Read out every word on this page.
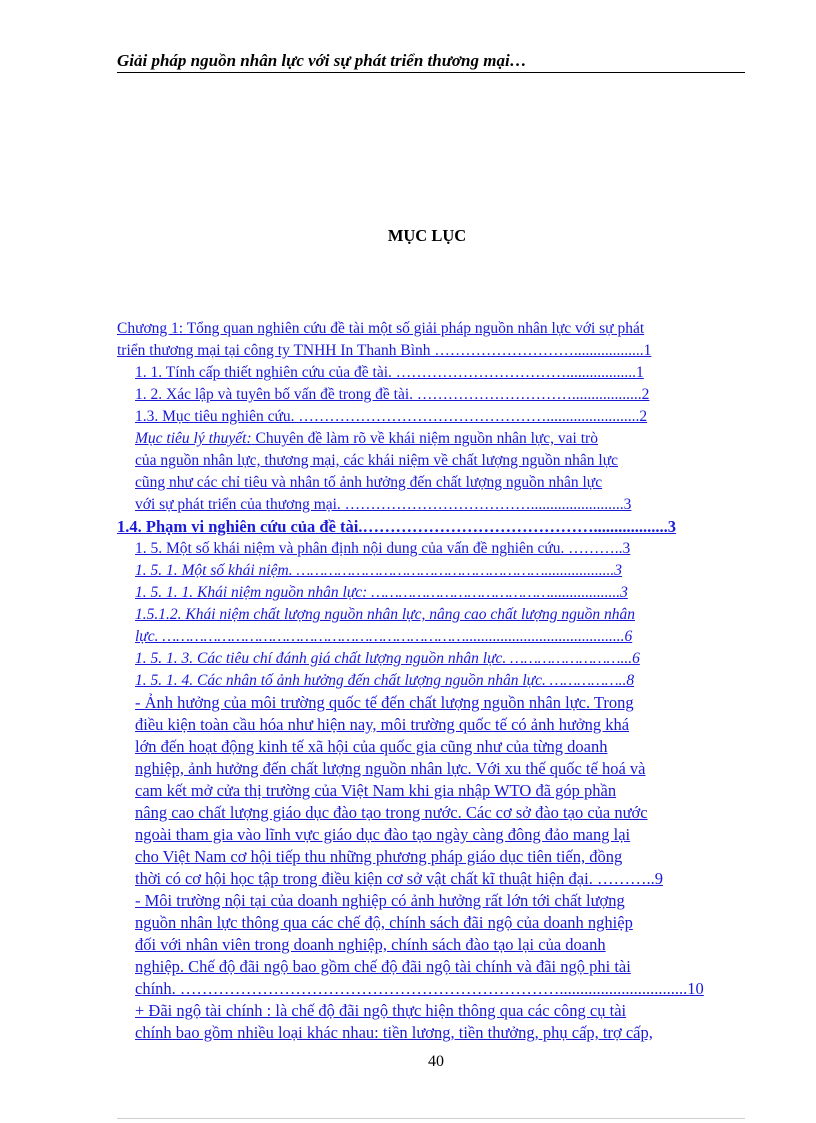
Giải pháp nguồn nhân lực với sự phát triển thương mại…
MỤC LỤC
Chương 1: Tổng quan nghiên cứu đề tài một số giải pháp nguồn nhân lực với sự phát
triển thương mại tại công ty TNHH In Thanh Bình ………………………..................1
1. 1. Tính cấp thiết nghiên cứu của đề tài. ……………………………..................1
1. 2. Xác lập và tuyên bố vấn đề trong đề tài. …………………………..................2
1.3. Mục tiêu nghiên cứu. …………………………………………........................2
Mục tiêu lý thuyết: Chuyên đề làm rõ về khái niệm nguồn nhân lực, vai trò
của nguồn nhân lực, thương mại, các khái niệm về chất lượng nguồn nhân lực
cũng như các chỉ tiêu và nhân tố ảnh hưởng đến chất lượng nguồn nhân lực
với sự phát triển của thương mại. ………………………………........................3
1.4. Phạm vi nghiên cứu của đề tài.……………………………………..................3
1. 5. Một số khái niệm và phân định nội dung của vấn đề nghiên cứu. ………..3
1. 5. 1. Một số khái niệm. ………………………………………………..................3
1. 5. 1. 1. Khái niệm nguồn nhân lực: …………………………………..................3
1.5.1.2. Khái niệm chất lượng nguồn nhân lực, nâng cao chất lượng nguồn nhân
lực. ………………………………………………………….........................................6
1. 5. 1. 3. Các tiêu chí đánh giá chất lượng nguồn nhân lực. ……………………...6
1. 5. 1. 4. Các nhân tố ảnh hưởng đến chất lượng nguồn nhân lực. ……………..8
- Ảnh hưởng của môi trường quốc tế đến chất lượng nguồn nhân lực. Trong
điều kiện toàn cầu hóa như hiện nay, môi trường quốc tế có ảnh hưởng khá
lớn đến hoạt động kinh tế xã hội của quốc gia cũng như của từng doanh
nghiệp, ảnh hưởng đến chất lượng nguồn nhân lực. Với xu thế quốc tế hoá và
cam kết mở cửa thị trường của Việt Nam khi gia nhập WTO đã góp phần
nâng cao chất lượng giáo dục đào tạo trong nước. Các cơ sở đào tạo của nước
ngoài tham gia vào lĩnh vực giáo dục đào tạo ngày càng đông đảo mang lại
cho Việt Nam cơ hội tiếp thu những phương pháp giáo dục tiên tiến, đồng
thời có cơ hội học tập trong điều kiện cơ sở vật chất kĩ thuật hiện đại. ………..9
- Môi trường nội tại của doanh nghiệp có ảnh hưởng rất lớn tới chất lượng
nguồn nhân lực thông qua các chế độ, chính sách đãi ngộ của doanh nghiệp
đối với nhân viên trong doanh nghiệp, chính sách đào tạo lại của doanh
nghiệp. Chế độ đãi ngộ bao gồm chế độ đãi ngộ tài chính và đãi ngộ phi tài
chính. ……………………………………………………………...............................10
+ Đãi ngộ tài chính : là chế độ đãi ngộ thực hiện thông qua các công cụ tài
chính bao gồm nhiều loại khác nhau: tiền lương, tiền thưởng, phụ cấp, trợ cấp,
40
